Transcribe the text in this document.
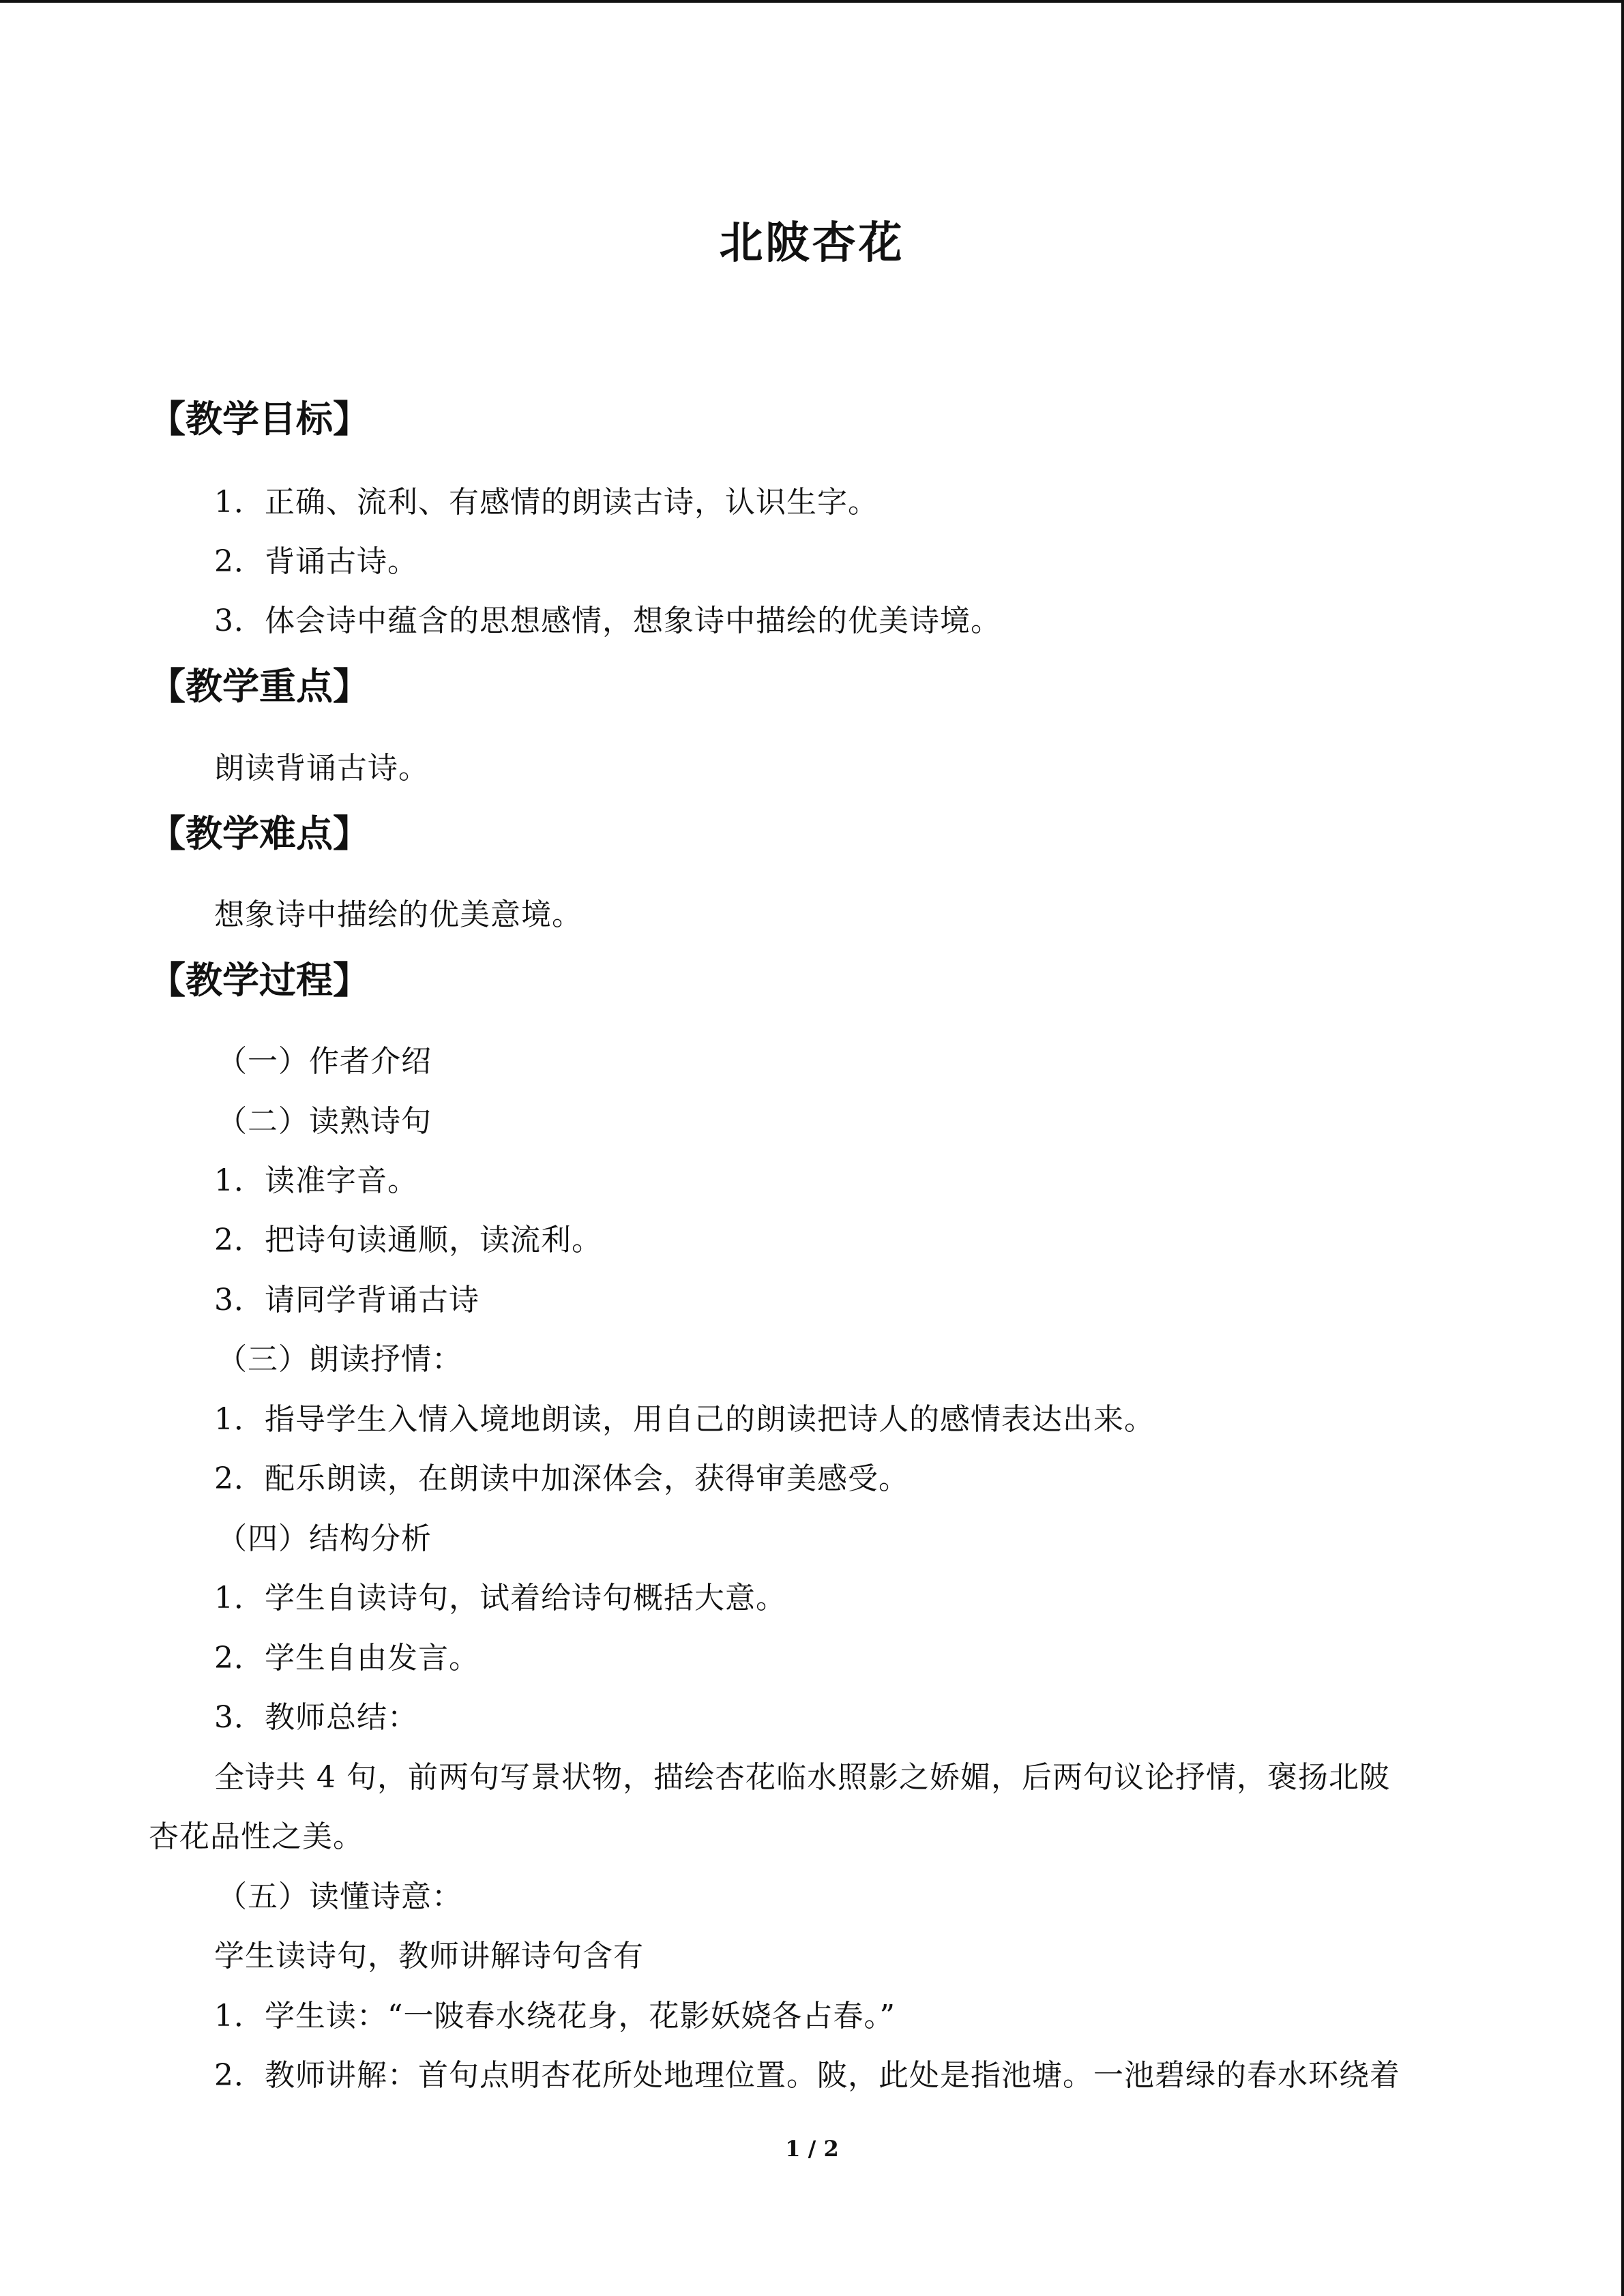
北陂杏花
【教学目标】
1．正确、流利、有感情的朗读古诗，认识生字。
2．背诵古诗。
3．体会诗中蕴含的思想感情，想象诗中描绘的优美诗境。
【教学重点】
朗读背诵古诗。
【教学难点】
想象诗中描绘的优美意境。
【教学过程】
（一）作者介绍
（二）读熟诗句
1．读准字音。
2．把诗句读通顺，读流利。
3．请同学背诵古诗
（三）朗读抒情：
1．指导学生入情入境地朗读，用自己的朗读把诗人的感情表达出来。
2．配乐朗读，在朗读中加深体会，获得审美感受。
（四）结构分析
1．学生自读诗句，试着给诗句概括大意。
2．学生自由发言。
3．教师总结：
全诗共 4 句，前两句写景状物，描绘杏花临水照影之娇媚，后两句议论抒情，褒扬北陂
杏花品性之美。
（五）读懂诗意：
学生读诗句，教师讲解诗句含有
1．学生读：“一陂春水绕花身，花影妖娆各占春。”
2．教师讲解：首句点明杏花所处地理位置。陂，此处是指池塘。一池碧绿的春水环绕着
1 / 2
